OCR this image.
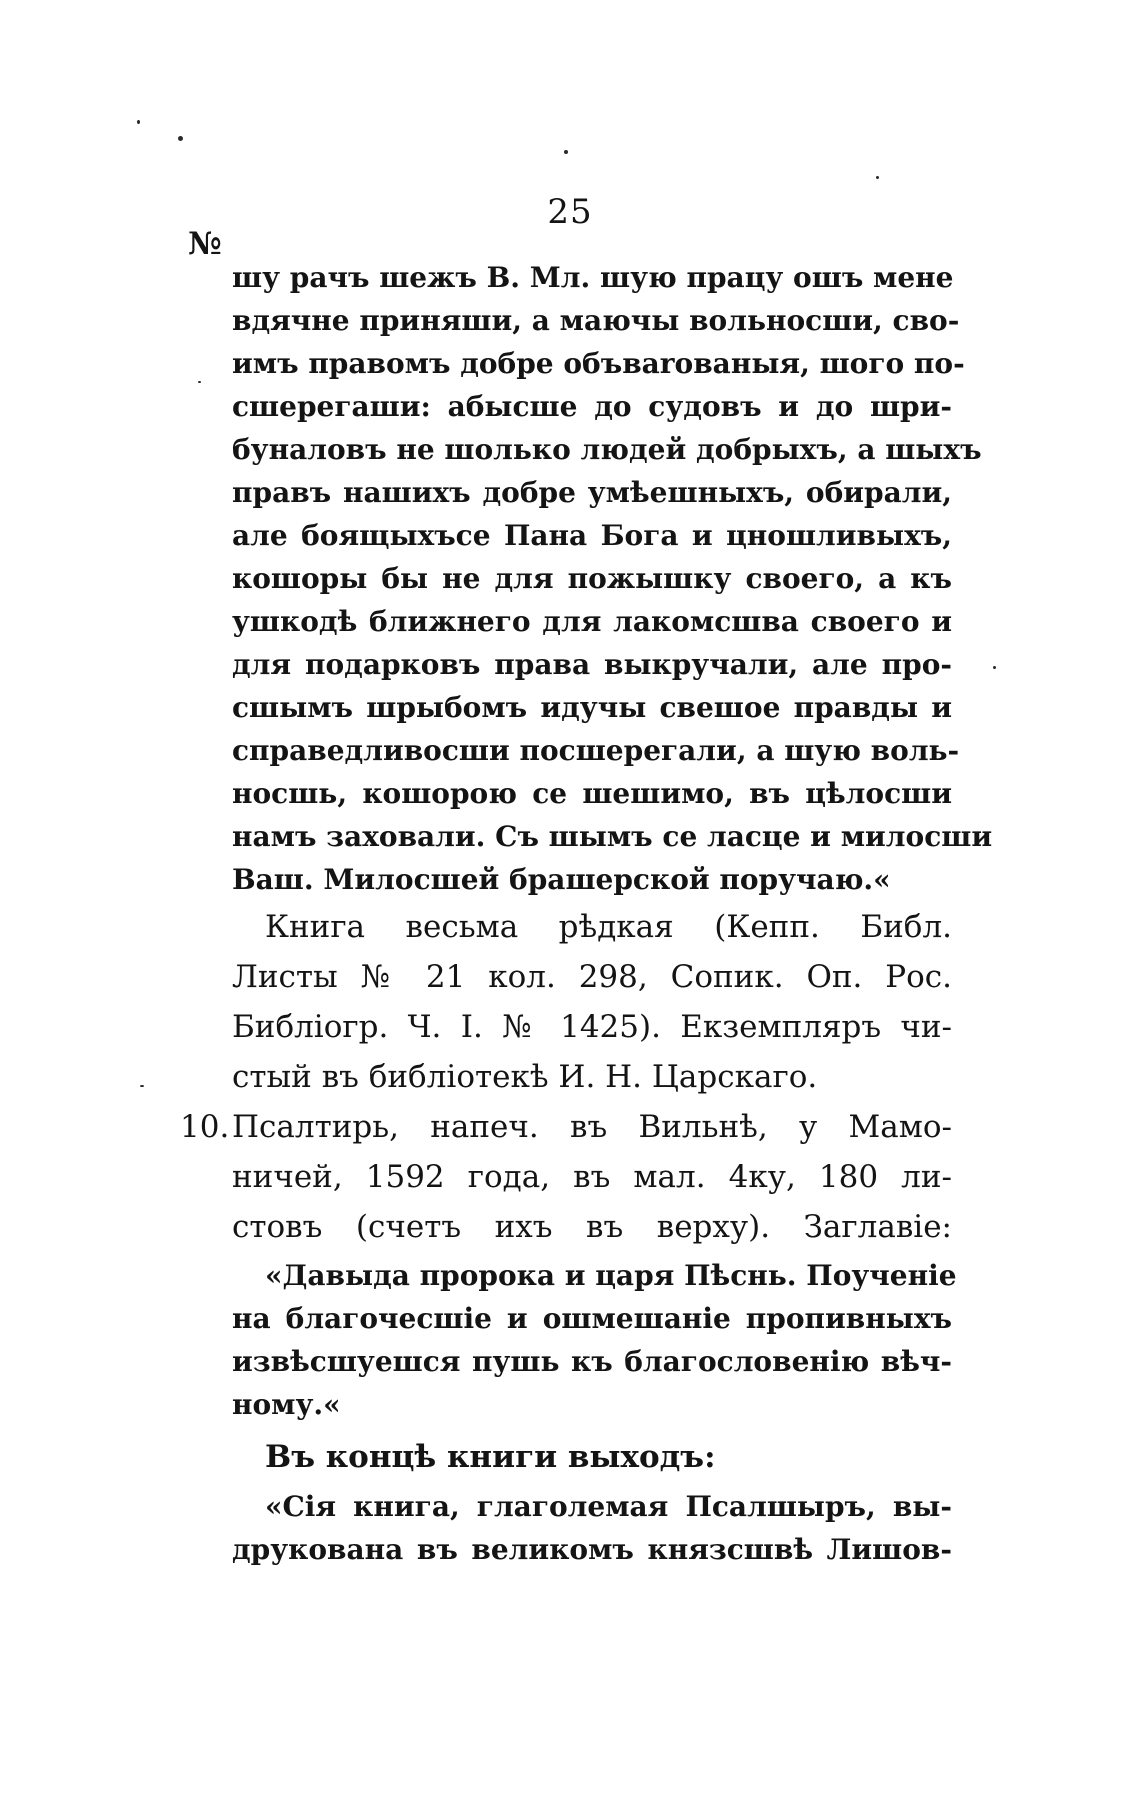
25
№
шу рачъ шежъ В. Мл. шую працу ошъ мене
вдячне приняши, а маючы вольносши, сво-
имъ правомъ добре объвarованыя, шого по-
сшерегаши: абысше до судовъ и до шри-
буналовъ не шолько людей добрыхъ, а шыхъ
правъ нашихъ добре умѣешныхъ, обирали,
але боящыхъсе Пана Бога и цношливыхъ,
кошоры бы не для пожышку своего, а къ
ушкодѣ ближнего для лакомсшва своего и
для подарковъ права выкручали, але про-
сшымъ шрыбомъ идучы свешое правды и
справедливосши посшерегали, а шую воль-
носшь, кошорою се шешимо, въ цѣлосши
намъ заховали. Съ шымъ се ласце и милосши
Ваш. Милосшей брашерской поручаю.«
Книга весьма рѣдкая (Кепп. Библ.
Листы № 21 кол. 298, Сопик. Оп. Рос.
Библіогр. Ч. I. № 1425). Екземпляръ чи-
стый въ библіотекѣ И. Н. Царскаго.
10.Псалтирь, напеч. въ Вильнѣ, у Мамо-
ничей, 1592 года, въ мал. 4ку, 180 ли-
стовъ (счетъ ихъ въ верху). Заглавіе:
«Давыда пророка и царя Пѣснь. Поученіе
на благочесшіе и ошмешаніе пропивныхъ
извѣсшуешся пушь къ благословенію вѣч-
ному.«
Въ концѣ книги выходъ:
«Сія книга, глаголемая Псалшыръ, вы-
друкована въ великомъ князсшвѣ Лишов-
